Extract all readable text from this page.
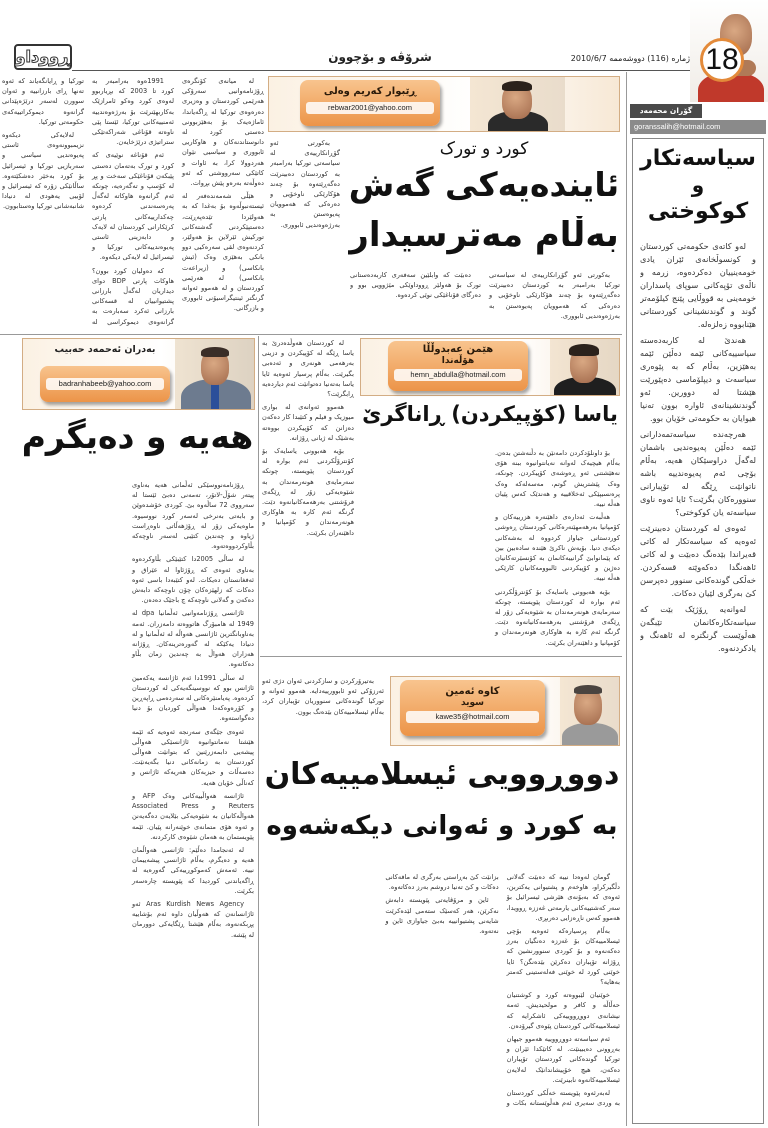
ژمارە (116) دووشەممە 2010/6/7
شرۆڤە و بۆچوون
ڕووداو	18
گۆران محەمەد
goranssalih@hotmail.com
سیاسەتکار
و
کوکوختی

لەو کاتەی حکومەتی کوردستان و کونسوڵخانەی ئێران یادی خومەینییان دەکردەوە، زرمە و ناڵەی تۆپەکانی سوپای پاسداران خومەینی بە قووڵایی پێنج کیلۆمەتر گوند و گوندنشینانی کوردستانی هێنابووە زەلزەلە.

هەندێ لە کاربەدەستە سیاسییەکانی ئێمە دەڵێن ئێمە بەهێزین، بەڵام کە بە پێوەری سیاسەت و دیپلۆماسی دەپێورێت هێشتا لە دوورین. ئەو گوندنشینانەی ئاوارە بوون تەنیا هیوایان بە حکومەتی خۆیان بوو.

هەرچەندە سیاسەتمەدارانی ئێمە دەڵێن پەیوەندیی باشمان لەگەڵ دراوسێکان هەیە، بەڵام بۆچی ئەم پەیوەندییە باشە ناتوانێت ڕێگە لە تۆپبارانی سنوورەکان بگرێت؟ ئایا ئەوە ناوی سیاسەتە یان کوکوختی؟

ئەوەی لە کوردستان دەبینرێت ئەوەیە کە سیاسەتکار لە کاتی قەیراندا بێدەنگ دەبێت و لە کاتی ئاهەنگدا دەکەوێتە قسەکردن. خەڵکی گوندەکانی سنوور دەپرسن کێ بەرگری لێیان دەکات.

لەوانەیە ڕۆژێک بێت کە سیاسەتکارەکانمان تێبگەن هەڵوێست گرنگترە لە ئاهەنگ و یادکردنەوە.

ڕێبوار کەریم وەلی
rebwar2001@yahoo.com

لە میانەی کۆنگرەی ڕۆژنامەوانیی سەرۆکی هەرێمی کوردستان و وەزیری دەرەوەی تورکیا لە ڕاگەیاندا، ئاماژەیەک بۆ بەهێزبوونی دەستی کورد لە دانوستاندنەکان و هاوکاریی ئابووری و سیاسیی نێوان هەردوولا کرا، بە ئاوات و کاتێکی سەرووشتی کە ئەو دەوڵەتە بەرەو پێش بڕوات.

هێڵی شەمەندەفەر لە ئیستەنبوڵەوە بۆ بەغدا کە بە هەولێردا تێدەپەڕێت، دەستپێکردنی گەشتەکانی تورکیش ئێرلاین بۆ هەولێر، کردنەوەی لقی سەرەکیی دوو بانکی بەهێزی وەک (ئیش بانکاسی) و (زیراعەت بانکاسی) لە هەرێمی کوردستان و لە هەموو ئەوانە گرنگتر ئینتیگراسیۆنی ئابووری و بازرگانی.

1991ەوە بەرامبەر بە کورد تا 2003 کە بڕیاربوو لەوەی کورد وەکو ئامرازێک بەکاربهێنرێت بۆ بەرژەوەندییە ئەمنییەکانی تورکیا، ئێستا پێی ناوەتە قۆناغی شەراکەتێکی ستراتیژی درێژخایەن.

ئەم قۆناغە نوێیەی کە کورد و تورک بەتەمان دەستی پێبکەن قۆناغێکی سەخت و پڕ لە کۆسپ و تەگەرەیە، چونکە ئەم گرانەوە هاوکاتە لەگەڵ پەرەسەندنی کردەوە چەکدارییەکانی پارتی کرێکارانی کوردستان لە لایەک و دابەزینی ئاستی پەیوەندییەکانی تورکیا و ئیسرائیل لە لایەکی دیکەوە.

کە دەولیان کورد بوون؟ هاوکات پارتی BDP دوای دیداریان لەگەڵ بارزانی پشتیوانییان لە قسەکانی بارزانی ئەکرد سەبارەت بە گرانەوەی دیموکراسی لە تورکیا و ڕایانگەیاند کە ئەوە تەنها ڕای بارزانییە و ئەوان سوورن لەسەر درێژەپێدانی گرانەوە دیموکراتییەکەی حکومەتی تورکیا.

لەلایەکی دیکەوە نزیمبوونەوەی ئاستی پەیوەندیی سیاسی و سەربازیی تورکیا و ئیسرائیل بۆ کورد بەخێر دەشکێتەوە. ساڵانێکی زۆرە کە ئیسرائیل و لۆبیی یەهودی لە دنیادا شانبەشانی تورکیا وەستابوون.

بەکورتی ئەو گۆڕانکارییەی لە سیاسەتی تورکیا بەرامبەر بە کوردستان دەبینرێت دەگەڕێتەوە بۆ چەند هۆکارێکی ناوخۆیی و دەرەکی کە هەموویان پەیوەستن بە بەرژەوەندیی ئابووری.

کورد و تورک
ئایندەیەکی گەش
بەڵام مەترسیدار

بەکورتی ئەو گۆڕانکارییەی لە سیاسەتی تورکیا بەرامبەر بە کوردستان دەبینرێت دەگەڕێتەوە بۆ چەند هۆکارێکی ناوخۆیی و دەرەکی کە هەموویان پەیوەستن بە بەرژەوەندیی ئابووری.

دەبێت کە وابلێین سەفەری کاربەدەستانی تورک بۆ هەولێر ڕووداوێکی مێژوویی بوو و دەرگای قۆناغێکی نوێی کردەوە.

بەدران ئەحمەد حەبیب
badranhabeeb@yahoo.com
هەیە و دەیگرم

ڕۆژنامەنووسێکی ئەڵمانی هەیە بەناوی پیتەر شۆڵ-لاتۆر، تەمەنی دەبێ ئێستا لە سەرووی 72 ساڵەوە بێ. کوردی خۆشدەوێن و بابەتی بەنرخی لەسەر کورد نووسیوە. ماوەیەکی زۆر لە ڕۆژهەڵاتی ناوەڕاست ژیاوە و چەندین کتێبی لەسەر ناوچەکە بڵاوکردووەتەوە.

لە ساڵی 2005دا کتێبێکی بڵاوکردەوە بەناوی ئەوەی کە ڕۆژئاوا لە عێراق و ئەفغانستان دەیکات. لەو کتێبەدا باسی ئەوە دەکات کە زلهێزەکان چۆن ناوچەکە دابەش دەکەن و گەلانی ناوچەکە چ باجێک دەدەن.

ئاژانسی ڕۆژنامەوانیی ئەڵمانیا dpa لە 1949 لە هامبۆرگ هاتووەتە دامەزران. ئەمە بەناوبانگترین ئاژانسی هەواڵە لە ئەڵمانیا و لە دنیادا یەکێکە لە گەورەترینەکان. ڕۆژانە هەزاران هەواڵ بە چەندین زمان بڵاو دەکاتەوە.

لە ساڵی 1991دا ئەم ئاژانسە یەکەمین ئاژانس بوو کە نووسینگەیەکی لە کوردستان کردەوە. پەیامنێرەکانی لە سەردەمی ڕاپەڕین و کۆڕەوەکەدا هەواڵی کوردیان بۆ دنیا دەگواستەوە.

ئەوەی جێگەی سەرنجە ئەوەیە کە ئێمە هێشتا نەمانتوانیوە ئاژانسێکی هەواڵی پیشەیی دابمەزرێنین کە بتوانێت هەواڵی کوردستان بە زمانەکانی دنیا بگەیەنێت. دەسەڵات و حیزبەکان هەریەکە ئاژانس و کەناڵی خۆیان هەیە.

ئاژانسە هەواڵییەکانی وەک AFP و Reuters و Associated Press هەواڵەکانیان بە شێوەیەکی بێلایەن دەگەیەنن و ئەوە هۆی متمانەی خوێنەرانە پێیان. ئێمە پێویستمان بە هەمان شێوەی کارکردنە.

لە ئەنجامدا دەڵێم: ئاژانسی هەواڵمان هەیە و دەیگرم، بەڵام ئاژانسی پیشەییمان نییە. ئەمەش کەموکوڕییەکی گەورەیە لە ڕاگەیاندنی کوردیدا کە پێویستە چارەسەر بکرێت.

Aras Kurdish News Agency ئەو ئاژانسانەن کە هەوڵیان داوە ئەم بۆشاییە پڕبکەنەوە، بەڵام هێشتا ڕێگایەکی دوورمان لە پێشە.

هێمن عەبدوڵڵا
هۆڵەندا
hemn_abdulla@hotmail.com

لە کوردستان هەوڵدەدرێ بە یاسا ڕێگە لە کۆپیکردن و دزینی بەرهەمی هونەری و ئەدەبی بگیرێت. بەڵام پرسیار ئەوەیە ئایا یاسا بەتەنیا دەتوانێت ئەم دیاردەیە ڕابگرێت؟

هەموو ئەوانەی لە بواری میوزیک و فیلم و کتێبدا کار دەکەن دەزانن کە کۆپیکردن بووەتە بەشێک لە ژیانی ڕۆژانە.

بۆیە هەبوونی یاسایەک بۆ کۆنترۆڵکردنی ئەم بوارە لە کوردستان پێویستە، چونکە سەرمایەی هونەرمەندان بە شێوەیەکی زۆر لە ڕێگەی فرۆشتنی بەرهەمەکانیانەوە دێت. گرنگە ئەم کارە بە هاوکاری هونەرمەندان و کۆمپانیا و داهێنەران بکرێت.

یاسا (کۆپیکردن) ڕاناگرێ

بۆ داونلۆدکردن دامەنێن بە دڵنەشتن بدەن. بەڵام هیچیەک لەوانە نەیانتوانیوە ببنە هۆی نەهێشتنی ئەو ڕەوشەی کۆپیکردن. چونکە، وەک پێشتریش گوتم، مەسەلەکە وەک پرەنسیپێکی ئەخلاقییە و هەندێک کەس پێیان هەڵە نییە.

هەڵبەت ئەدارەی داهێنەرە هزرییەکان و کۆمپانیا بەرهەمهێنەرەکانی کوردستان ڕەوشی کوردستانی جیاواز کردووە لە بەشەکانی دیکەی دنیا. بۆیەش ناکرێ هێندە سادەبین بین کە پێمانوابێ گرانییەکانمان بە کۆنسێرتەکانیان دەژین و کۆپیکردنی ئالبوومەکانیان کارێکی هەڵە نییە.

بۆیە هەبوونی یاسایەک بۆ کۆنترۆڵکردنی ئەم بوارە لە کوردستان پێویستە، چونکە سەرمایەی هونەرمەندان بە شێوەیەکی زۆر لە ڕێگەی فرۆشتنی بەرهەمەکانیانەوە دێت. گرنگە ئەم کارە بە هاوکاری هونەرمەندان و کۆمپانیا و داهێنەران بکرێت.

کاوە ئەمین
سوید
kawe35@hotmail.com

بەتیرۆرکردن و سازکردنی ئەوان دژی ئەو ئەرزۆکی ئەو ئابوورییەدایە. هەموو ئەوانە و تورکیا گوندەکانی سنووریان تۆپباران کرد، بەڵام ئیسلامییەکان بێدەنگ بوون.

دووڕوویی ئیسلامییەکان
بە کورد و ئەوانی دیکەشەوە

گومان لەوەدا نییە کە دەبێت گەلانی دڵگیرکراو، هاوخەم و پشتیوانی یەکتربن، ئەوەی کە بەبۆنەی هێرشی ئیسرائیل بۆ سەر کەشتییەکانی یارمەتی غەززە ڕوویدا، هەموو کەس ناڕەزایی دەربڕی.

بەڵام پرسیارەکە ئەوەیە بۆچی ئیسلامییەکان بۆ غەززە دەنگیان بەرز دەکەنەوە و بۆ کوردی سنوورنشین کە ڕۆژانە تۆپباران دەکرێن بێدەنگن؟ ئایا خوێنی کورد لە خوێنی فەلەستینی کەمتر بەهایە؟

خوێنیان لێبووەتە کورد و کوشتنیان حەڵاڵە و کافر و مولحیدیش. ئەمە نیشانەی دووڕووییەکی ئاشکرایە کە ئیسلامییەکانی کوردستان پێوەی گیرۆدەن.

ئەم سیاسەتە دووڕووییە هەموو جیهان بەڕوونی دەیبینێت. لە کاتێکدا ئێران و تورکیا گوندەکانی کوردستان تۆپباران دەکەن، هیچ خۆپیشاندانێک لەلایەن ئیسلامییەکانەوە نابینرێت.

لەبەرئەوە پێویستە خەڵکی کوردستان بە وردی سەیری ئەم هەڵوێستانە بکات و بزانێت کێ بەڕاستی بەرگری لە مافەکانی دەکات و کێ تەنیا دروشم بەرز دەکاتەوە.

ئاین و مرۆڤایەتی پێویستە دابەش نەکرێن، هەر کەسێک ستەمی لێدەکرێت شایەنی پشتیوانییە بەبێ جیاوازی ئاین و نەتەوە.
